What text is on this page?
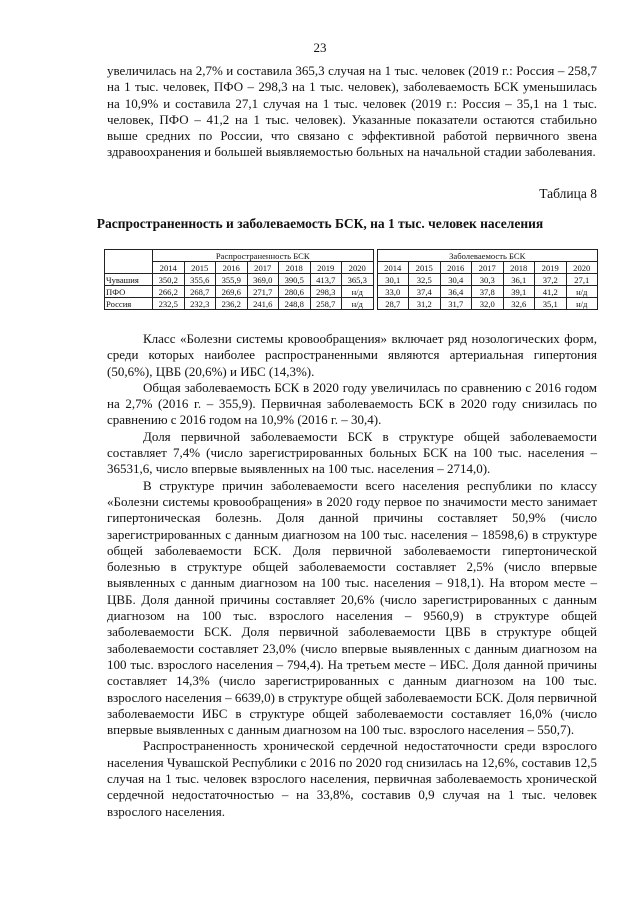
23

увеличилась на 2,7% и составила 365,3 случая на 1 тыс. человек (2019 г.: Россия – 258,7 на 1 тыс. человек, ПФО – 298,3 на 1 тыс. человек), заболеваемость БСК уменьшилась на 10,9% и составила 27,1 случая на 1 тыс. человек (2019 г.: Россия – 35,1 на 1 тыс. человек, ПФО – 41,2 на 1 тыс. человек). Указанные показатели остаются стабильно выше средних по России, что связано с эффективной работой первичного звена здравоохранения и большей выявляемостью больных на начальной стадии заболевания.

Таблица 8
Распространенность и заболеваемость БСК, на 1 тыс. человек населения
	Распространенность БСК								Заболеваемость БСК						
	2014	2015	2016	2017	2018	2019	2020		2014	2015	2016	2017	2018	2019	2020
Чувашия	350,2	355,6	355,9	369,0	390,5	413,7	365,3		30,1	32,5	30,4	30,3	36,1	37,2	27,1
ПФО	266,2	268,7	269,6	271,7	280,6	298,3	н/д		33,0	37,4	36,4	37,8	39,1	41,2	н/д
Россия	232,5	232,3	236,2	241,6	248,8	258,7	н/д		28,7	31,2	31,7	32,0	32,6	35,1	н/д

Класс «Болезни системы кровообращения» включает ряд нозологических форм, среди которых наиболее распространенными являются артериальная гипертония (50,6%), ЦВБ (20,6%) и ИБС (14,3%).

Общая заболеваемость БСК в 2020 году увеличилась по сравнению с 2016 годом на 2,7% (2016 г. – 355,9). Первичная заболеваемость БСК в 2020 году снизилась по сравнению с 2016 годом на 10,9% (2016 г. – 30,4).

Доля первичной заболеваемости БСК в структуре общей заболеваемости составляет 7,4% (число зарегистрированных больных БСК на 100 тыс. населения – 36531,6, число впервые выявленных на 100 тыс. населения – 2714,0).

В структуре причин заболеваемости всего населения республики по классу «Болезни системы кровообращения» в 2020 году первое по значимости место занимает гипертоническая болезнь. Доля данной причины составляет 50,9% (число зарегистрированных с данным диагнозом на 100 тыс. населения – 18598,6) в структуре общей заболеваемости БСК. Доля первичной заболеваемости гипертонической болезнью в структуре общей заболеваемости составляет 2,5% (число впервые выявленных с данным диагнозом на 100 тыс. населения – 918,1). На втором месте – ЦВБ. Доля данной причины составляет 20,6% (число зарегистрированных с данным диагнозом на 100 тыс. взрослого населения – 9560,9) в структуре общей заболеваемости БСК. Доля первичной заболеваемости ЦВБ в структуре общей заболеваемости составляет 23,0% (число впервые выявленных с данным диагнозом на 100 тыс. взрослого населения – 794,4). На третьем месте – ИБС. Доля данной причины составляет 14,3% (число зарегистрированных с данным диагнозом на 100 тыс. взрослого населения – 6639,0) в структуре общей заболеваемости БСК. Доля первичной заболеваемости ИБС в структуре общей заболеваемости составляет 16,0% (число впервые выявленных с данным диагнозом на 100 тыс. взрослого населения – 550,7).

Распространенность хронической сердечной недостаточности среди взрослого населения Чувашской Республики с 2016 по 2020 год снизилась на 12,6%, составив 12,5 случая на 1 тыс. человек взрослого населения, первичная заболеваемость хронической сердечной недостаточностью – на 33,8%, составив 0,9 случая на 1 тыс. человек взрослого населения.
